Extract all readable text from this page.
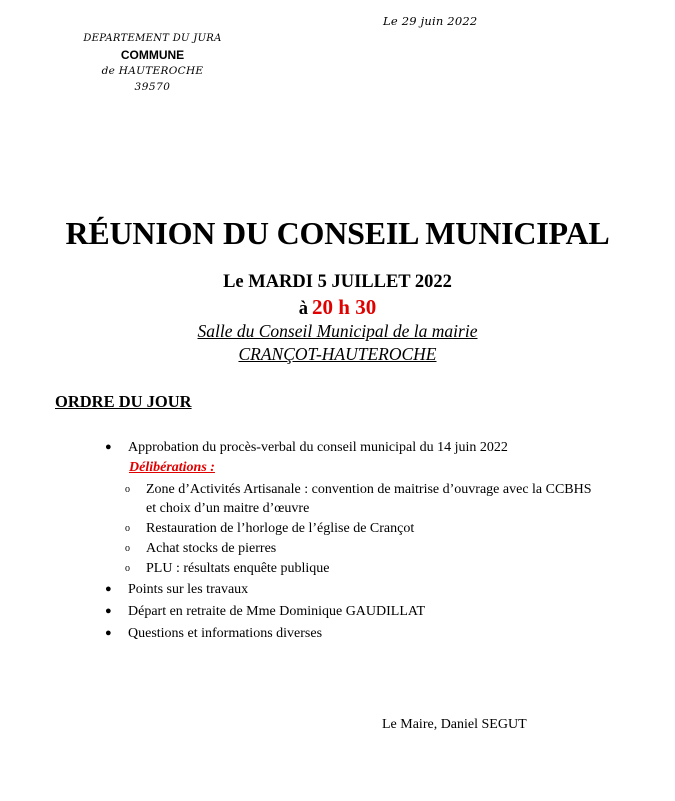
Le 29 juin 2022
DEPARTEMENT DU JURA
COMMUNE
de HAUTEROCHE
39570
RÉUNION DU CONSEIL MUNICIPAL
Le MARDI 5 JUILLET 2022
à 20 h 30
Salle du Conseil Municipal de la mairie
CRANÇOT-HAUTEROCHE
ORDRE DU JOUR
● Approbation du procès-verbal du conseil municipal du 14 juin 2022
Délibérations :
o Zone d’Activités Artisanale : convention de maitrise d’ouvrage avec la CCBHS
et choix d’un maitre d’œuvre
o Restauration de l’horloge de l’église de Crançot
o Achat stocks de pierres
o PLU : résultats enquête publique
● Points sur les travaux
● Départ en retraite de Mme Dominique GAUDILLAT
● Questions et informations diverses
Le Maire, Daniel SEGUT
